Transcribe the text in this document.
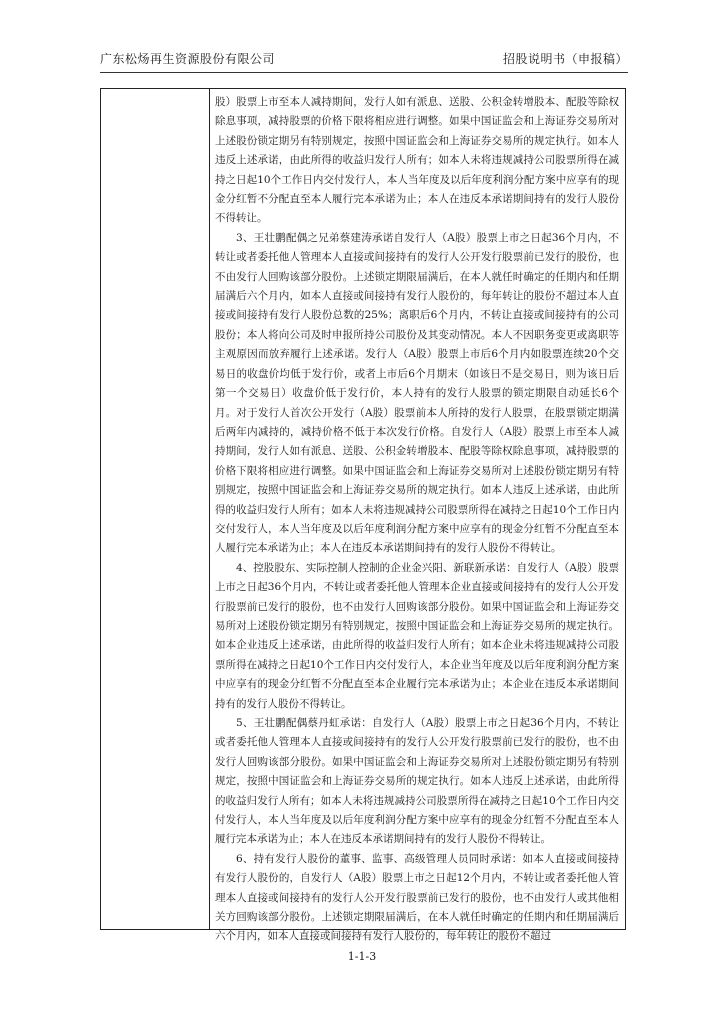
广东松炀再生资源股份有限公司	招股说明书（申报稿）

股）股票上市至本人减持期间，发行人如有派息、送股、公积金转增股本、配股等除权除息事项，减持股票的价格下限将相应进行调整。如果中国证监会和上海证券交易所对上述股份锁定期另有特别规定，按照中国证监会和上海证券交易所的规定执行。如本人违反上述承诺，由此所得的收益归发行人所有；如本人未将违规减持公司股票所得在减持之日起10个工作日内交付发行人，本人当年度及以后年度利润分配方案中应享有的现金分红暂不分配直至本人履行完本承诺为止；本人在违反本承诺期间持有的发行人股份不得转让。

3、王壮鹏配偶之兄弟蔡建涛承诺自发行人（A股）股票上市之日起36个月内，不转让或者委托他人管理本人直接或间接持有的发行人公开发行股票前已发行的股份，也不由发行人回购该部分股份。上述锁定期限届满后，在本人就任时确定的任期内和任期届满后六个月内，如本人直接或间接持有发行人股份的，每年转让的股份不超过本人直接或间接持有发行人股份总数的25%；离职后6个月内，不转让直接或间接持有的公司股份；本人将向公司及时申报所持公司股份及其变动情况。本人不因职务变更或离职等主观原因而放弃履行上述承诺。发行人（A股）股票上市后6个月内如股票连续20个交易日的收盘价均低于发行价，或者上市后6个月期末（如该日不是交易日，则为该日后第一个交易日）收盘价低于发行价，本人持有的发行人股票的锁定期限自动延长6个月。对于发行人首次公开发行（A股）股票前本人所持的发行人股票，在股票锁定期满后两年内减持的，减持价格不低于本次发行价格。自发行人（A股）股票上市至本人减持期间，发行人如有派息、送股、公积金转增股本、配股等除权除息事项，减持股票的价格下限将相应进行调整。如果中国证监会和上海证券交易所对上述股份锁定期另有特别规定，按照中国证监会和上海证券交易所的规定执行。如本人违反上述承诺，由此所得的收益归发行人所有；如本人未将违规减持公司股票所得在减持之日起10个工作日内交付发行人，本人当年度及以后年度利润分配方案中应享有的现金分红暂不分配直至本人履行完本承诺为止；本人在违反本承诺期间持有的发行人股份不得转让。

4、控股股东、实际控制人控制的企业金兴阳、新联新承诺：自发行人（A股）股票上市之日起36个月内，不转让或者委托他人管理本企业直接或间接持有的发行人公开发行股票前已发行的股份，也不由发行人回购该部分股份。如果中国证监会和上海证券交易所对上述股份锁定期另有特别规定，按照中国证监会和上海证券交易所的规定执行。如本企业违反上述承诺，由此所得的收益归发行人所有；如本企业未将违规减持公司股票所得在减持之日起10个工作日内交付发行人，本企业当年度及以后年度利润分配方案中应享有的现金分红暂不分配直至本企业履行完本承诺为止；本企业在违反本承诺期间持有的发行人股份不得转让。

5、王壮鹏配偶蔡丹虹承诺：自发行人（A股）股票上市之日起36个月内，不转让或者委托他人管理本人直接或间接持有的发行人公开发行股票前已发行的股份，也不由发行人回购该部分股份。如果中国证监会和上海证券交易所对上述股份锁定期另有特别规定，按照中国证监会和上海证券交易所的规定执行。如本人违反上述承诺，由此所得的收益归发行人所有；如本人未将违规减持公司股票所得在减持之日起10个工作日内交付发行人，本人当年度及以后年度利润分配方案中应享有的现金分红暂不分配直至本人履行完本承诺为止；本人在违反本承诺期间持有的发行人股份不得转让。

6、持有发行人股份的董事、监事、高级管理人员同时承诺：如本人直接或间接持有发行人股份的，自发行人（A股）股票上市之日起12个月内，不转让或者委托他人管理本人直接或间接持有的发行人公开发行股票前已发行的股份，也不由发行人或其他相关方回购该部分股份。上述锁定期限届满后，在本人就任时确定的任期内和任期届满后六个月内，如本人直接或间接持有发行人股份的，每年转让的股份不超过

1-1-3
